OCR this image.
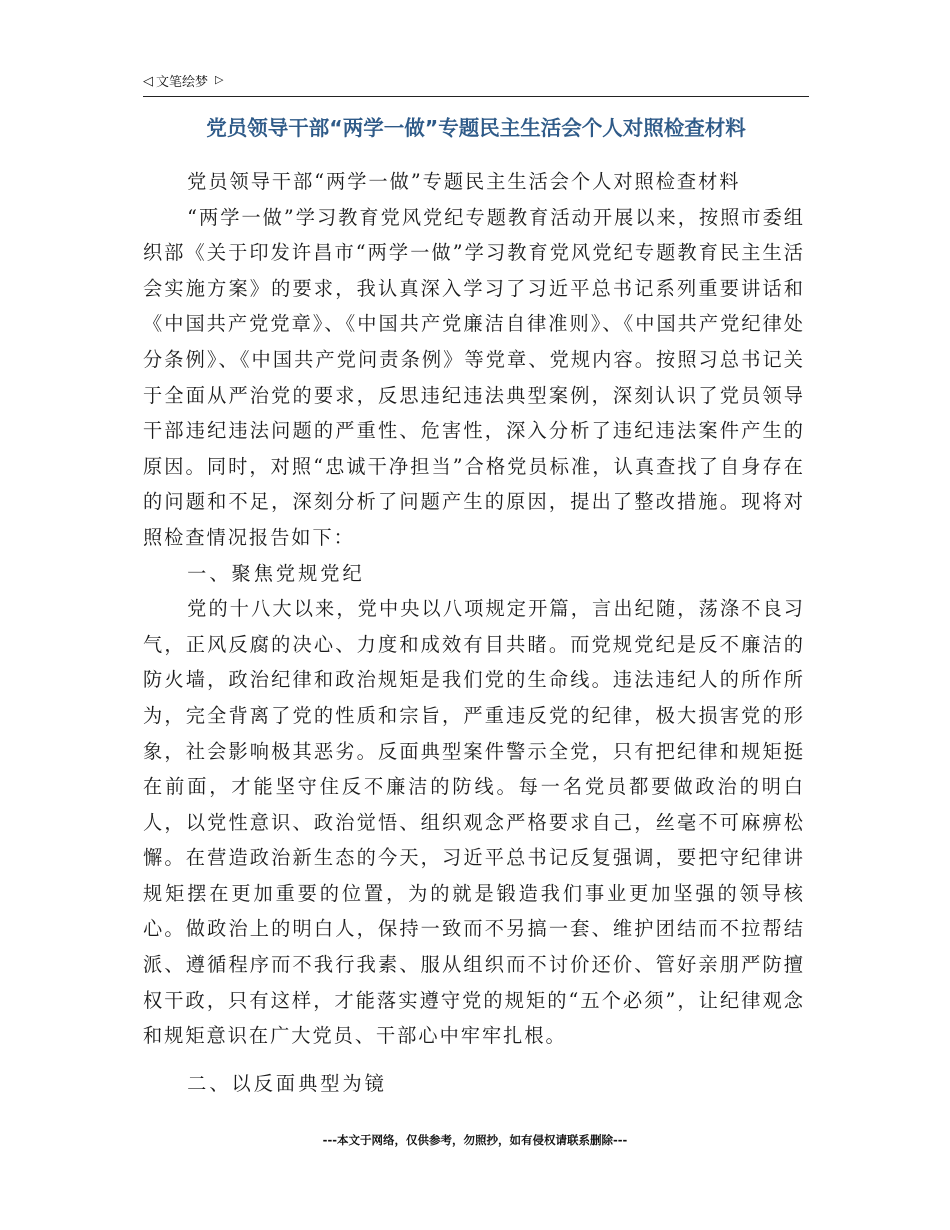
◁ 文笔绘梦 ▷
党员领导干部“两学一做”专题民主生活会个人对照检查材料

党员领导干部“两学一做”专题民主生活会个人对照检查材料

“两学一做”学习教育党风党纪专题教育活动开展以来，按照市委组织部《关于印发许昌市“两学一做”学习教育党风党纪专题教育民主生活会实施方案》的要求，我认真深入学习了习近平总书记系列重要讲话和《中国共产党党章》、《中国共产党廉洁自律准则》、《中国共产党纪律处分条例》、《中国共产党问责条例》等党章、党规内容。按照习总书记关于全面从严治党的要求，反思违纪违法典型案例，深刻认识了党员领导干部违纪违法问题的严重性、危害性，深入分析了违纪违法案件产生的原因。同时，对照“忠诚干净担当”合格党员标准，认真查找了自身存在的问题和不足，深刻分析了问题产生的原因，提出了整改措施。现将对照检查情况报告如下：

一、聚焦党规党纪

党的十八大以来，党中央以八项规定开篇，言出纪随，荡涤不良习气，正风反腐的决心、力度和成效有目共睹。而党规党纪是反不廉洁的防火墙，政治纪律和政治规矩是我们党的生命线。违法违纪人的所作所为，完全背离了党的性质和宗旨，严重违反党的纪律，极大损害党的形象，社会影响极其恶劣。反面典型案件警示全党，只有把纪律和规矩挺在前面，才能坚守住反不廉洁的防线。每一名党员都要做政治的明白人，以党性意识、政治觉悟、组织观念严格要求自己，丝毫不可麻痹松懈。在营造政治新生态的今天，习近平总书记反复强调，要把守纪律讲规矩摆在更加重要的位置，为的就是锻造我们事业更加坚强的领导核心。做政治上的明白人，保持一致而不另搞一套、维护团结而不拉帮结派、遵循程序而不我行我素、服从组织而不讨价还价、管好亲朋严防擅权干政，只有这样，才能落实遵守党的规矩的“五个必须”，让纪律观念和规矩意识在广大党员、干部心中牢牢扎根。

二、以反面典型为镜

---本文于网络，仅供参考，勿照抄，如有侵权请联系删除---
